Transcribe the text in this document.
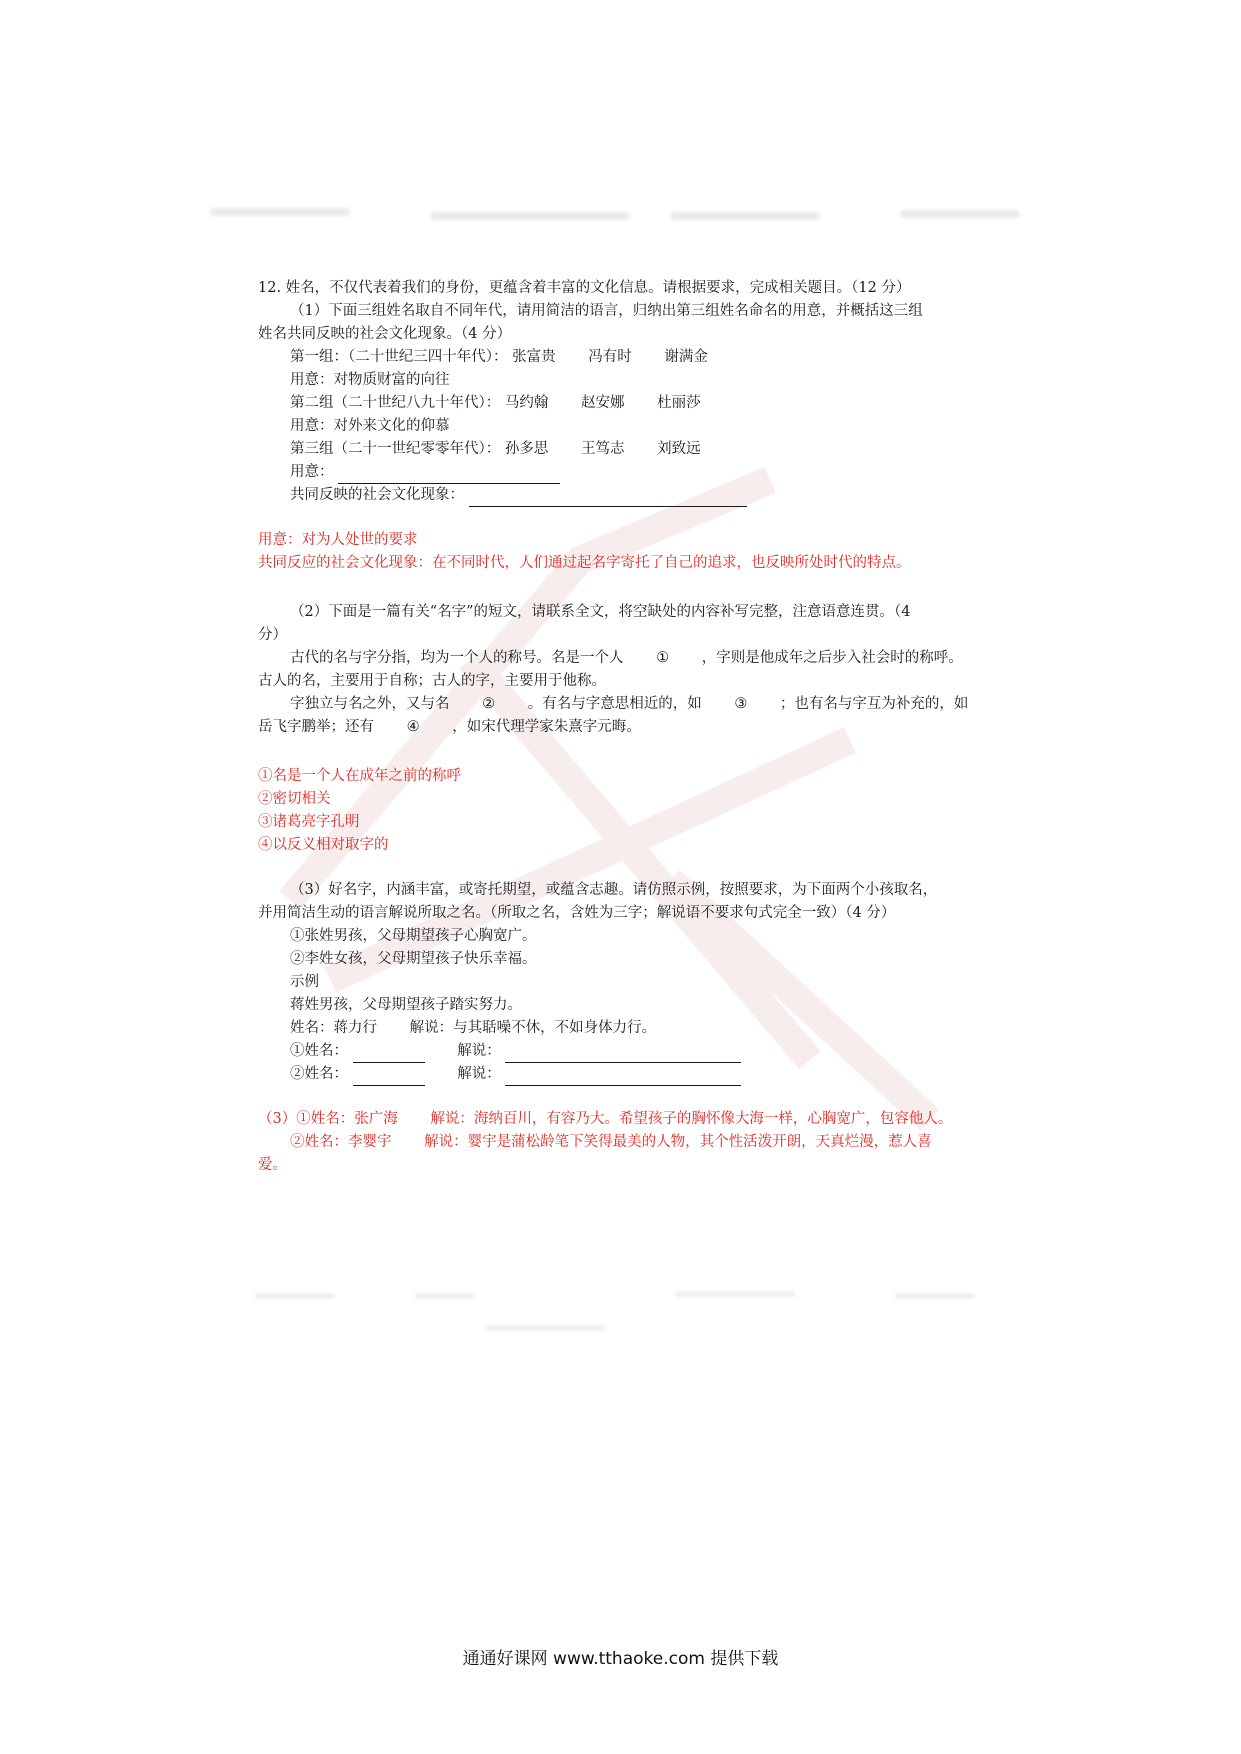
12. 姓名，不仅代表着我们的身份，更蕴含着丰富的文化信息。请根据要求，完成相关题目。（12 分）
（1）下面三组姓名取自不同年代，请用简洁的语言，归纳出第三组姓名命名的用意，并概括这三组
姓名共同反映的社会文化现象。（4 分）
第一组：（二十世纪三四十年代）： 张富贵 冯有时 谢满金
用意：对物质财富的向往
第二组（二十世纪八九十年代）： 马约翰 赵安娜 杜丽莎
用意：对外来文化的仰慕
第三组（二十一世纪零零年代）： 孙多思 王笃志 刘致远
用意：
共同反映的社会文化现象：
用意：对为人处世的要求
共同反应的社会文化现象：在不同时代，人们通过起名字寄托了自己的追求，也反映所处时代的特点。
（2）下面是一篇有关“名字”的短文，请联系全文，将空缺处的内容补写完整，注意语意连贯。（4
分）
古代的名与字分指，均为一个人的称号。名是一个人 ① ，字则是他成年之后步入社会时的称呼。
古人的名，主要用于自称；古人的字，主要用于他称。
字独立与名之外，又与名 ② 。有名与字意思相近的，如 ③ ；也有名与字互为补充的，如
岳飞字鹏举；还有 ④ ，如宋代理学家朱熹字元晦。
①名是一个人在成年之前的称呼
②密切相关
③诸葛亮字孔明
④以反义相对取字的
（3）好名字，内涵丰富，或寄托期望，或蕴含志趣。请仿照示例，按照要求，为下面两个小孩取名，
并用简洁生动的语言解说所取之名。（所取之名，含姓为三字；解说语不要求句式完全一致）（4 分）
①张姓男孩，父母期望孩子心胸宽广。
②李姓女孩，父母期望孩子快乐幸福。
示例
蒋姓男孩，父母期望孩子踏实努力。
姓名：蒋力行 解说：与其聒噪不休，不如身体力行。
①姓名：	解说：
②姓名：	解说：
（3）①姓名：张广海 解说：海纳百川，有容乃大。希望孩子的胸怀像大海一样，心胸宽广，包容他人。
②姓名：李婴宇 解说：婴宇是蒲松龄笔下笑得最美的人物，其个性活泼开朗，天真烂漫，惹人喜
爱。
通通好课网 www.tthaoke.com 提供下载
